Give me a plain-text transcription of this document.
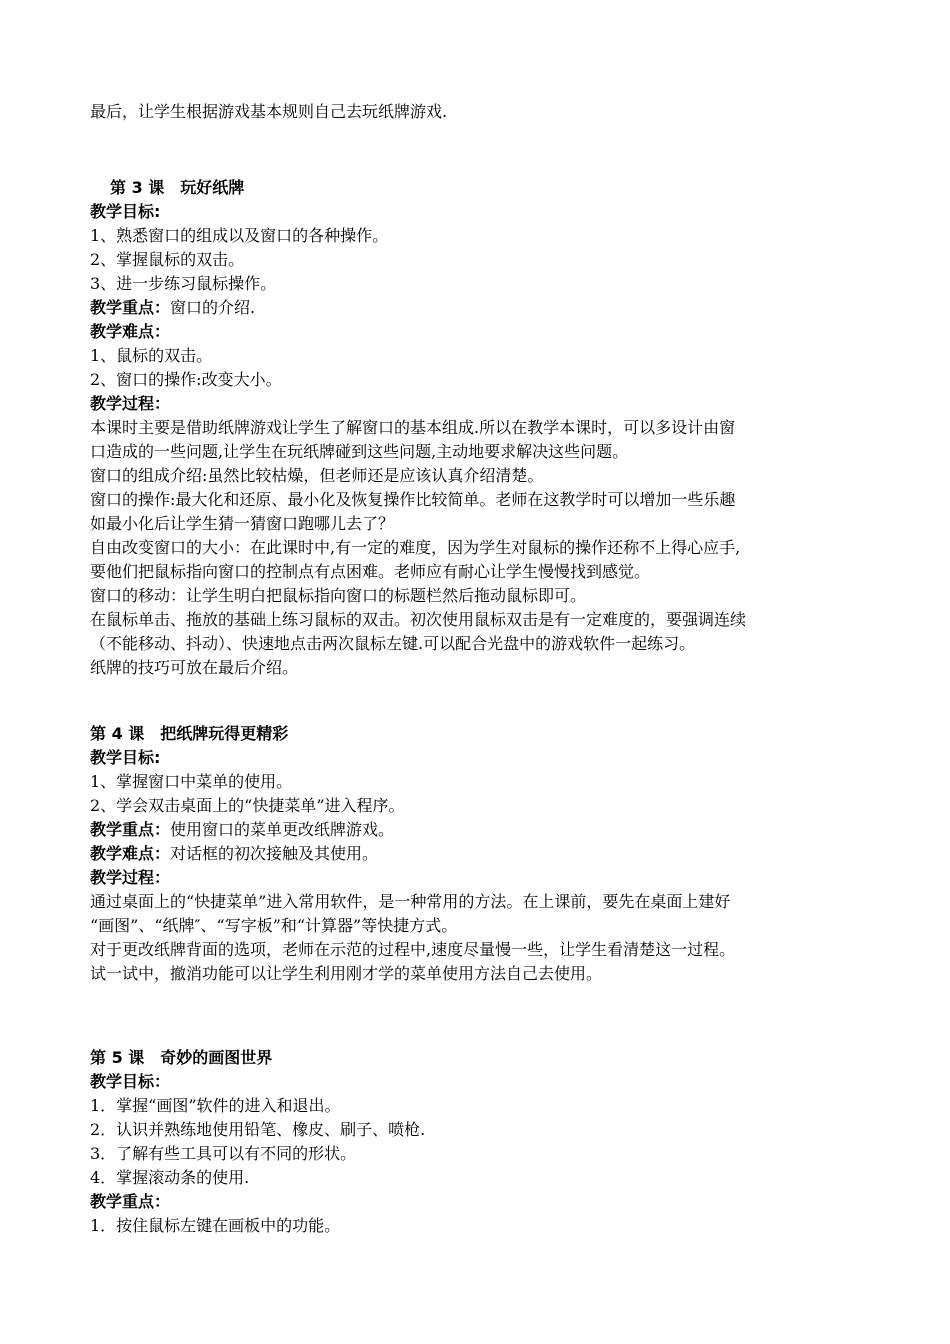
最后，让学生根据游戏基本规则自己去玩纸牌游戏.

第 3 课　玩好纸牌

教学目标:

1、熟悉窗口的组成以及窗口的各种操作。

2、掌握鼠标的双击。

3、进一步练习鼠标操作。

教学重点：窗口的介绍.

教学难点：

1、鼠标的双击。

2、窗口的操作:改变大小。

教学过程：

本课时主要是借助纸牌游戏让学生了解窗口的基本组成.所以在教学本课时，可以多设计由窗

口造成的一些问题,让学生在玩纸牌碰到这些问题,主动地要求解决这些问题。

窗口的组成介绍:虽然比较枯燥，但老师还是应该认真介绍清楚。

窗口的操作:最大化和还原、最小化及恢复操作比较简单。老师在这教学时可以增加一些乐趣

如最小化后让学生猜一猜窗口跑哪儿去了？

自由改变窗口的大小：在此课时中,有一定的难度，因为学生对鼠标的操作还称不上得心应手,

要他们把鼠标指向窗口的控制点有点困难。老师应有耐心让学生慢慢找到感觉。

窗口的移动：让学生明白把鼠标指向窗口的标题栏然后拖动鼠标即可。

在鼠标单击、拖放的基础上练习鼠标的双击。初次使用鼠标双击是有一定难度的，要强调连续

（不能移动、抖动）、快速地点击两次鼠标左键.可以配合光盘中的游戏软件一起练习。

纸牌的技巧可放在最后介绍。

第 4 课　把纸牌玩得更精彩

教学目标:

1、掌握窗口中菜单的使用。

2、学会双击桌面上的“快捷菜单”进入程序。

教学重点：使用窗口的菜单更改纸牌游戏。

教学难点：对话框的初次接触及其使用。

教学过程：

通过桌面上的“快捷菜单”进入常用软件，是一种常用的方法。在上课前，要先在桌面上建好

“画图”、“纸牌″、“写字板”和“计算器”等快捷方式。

对于更改纸牌背面的选项，老师在示范的过程中,速度尽量慢一些，让学生看清楚这一过程。

试一试中，撤消功能可以让学生利用刚才学的菜单使用方法自己去使用。

第 5 课　奇妙的画图世界

教学目标：

1．掌握“画图”软件的进入和退出。

2．认识并熟练地使用铅笔、橡皮、刷子、喷枪.

3．了解有些工具可以有不同的形状。

4．掌握滚动条的使用.

教学重点：

1．按住鼠标左键在画板中的功能。
